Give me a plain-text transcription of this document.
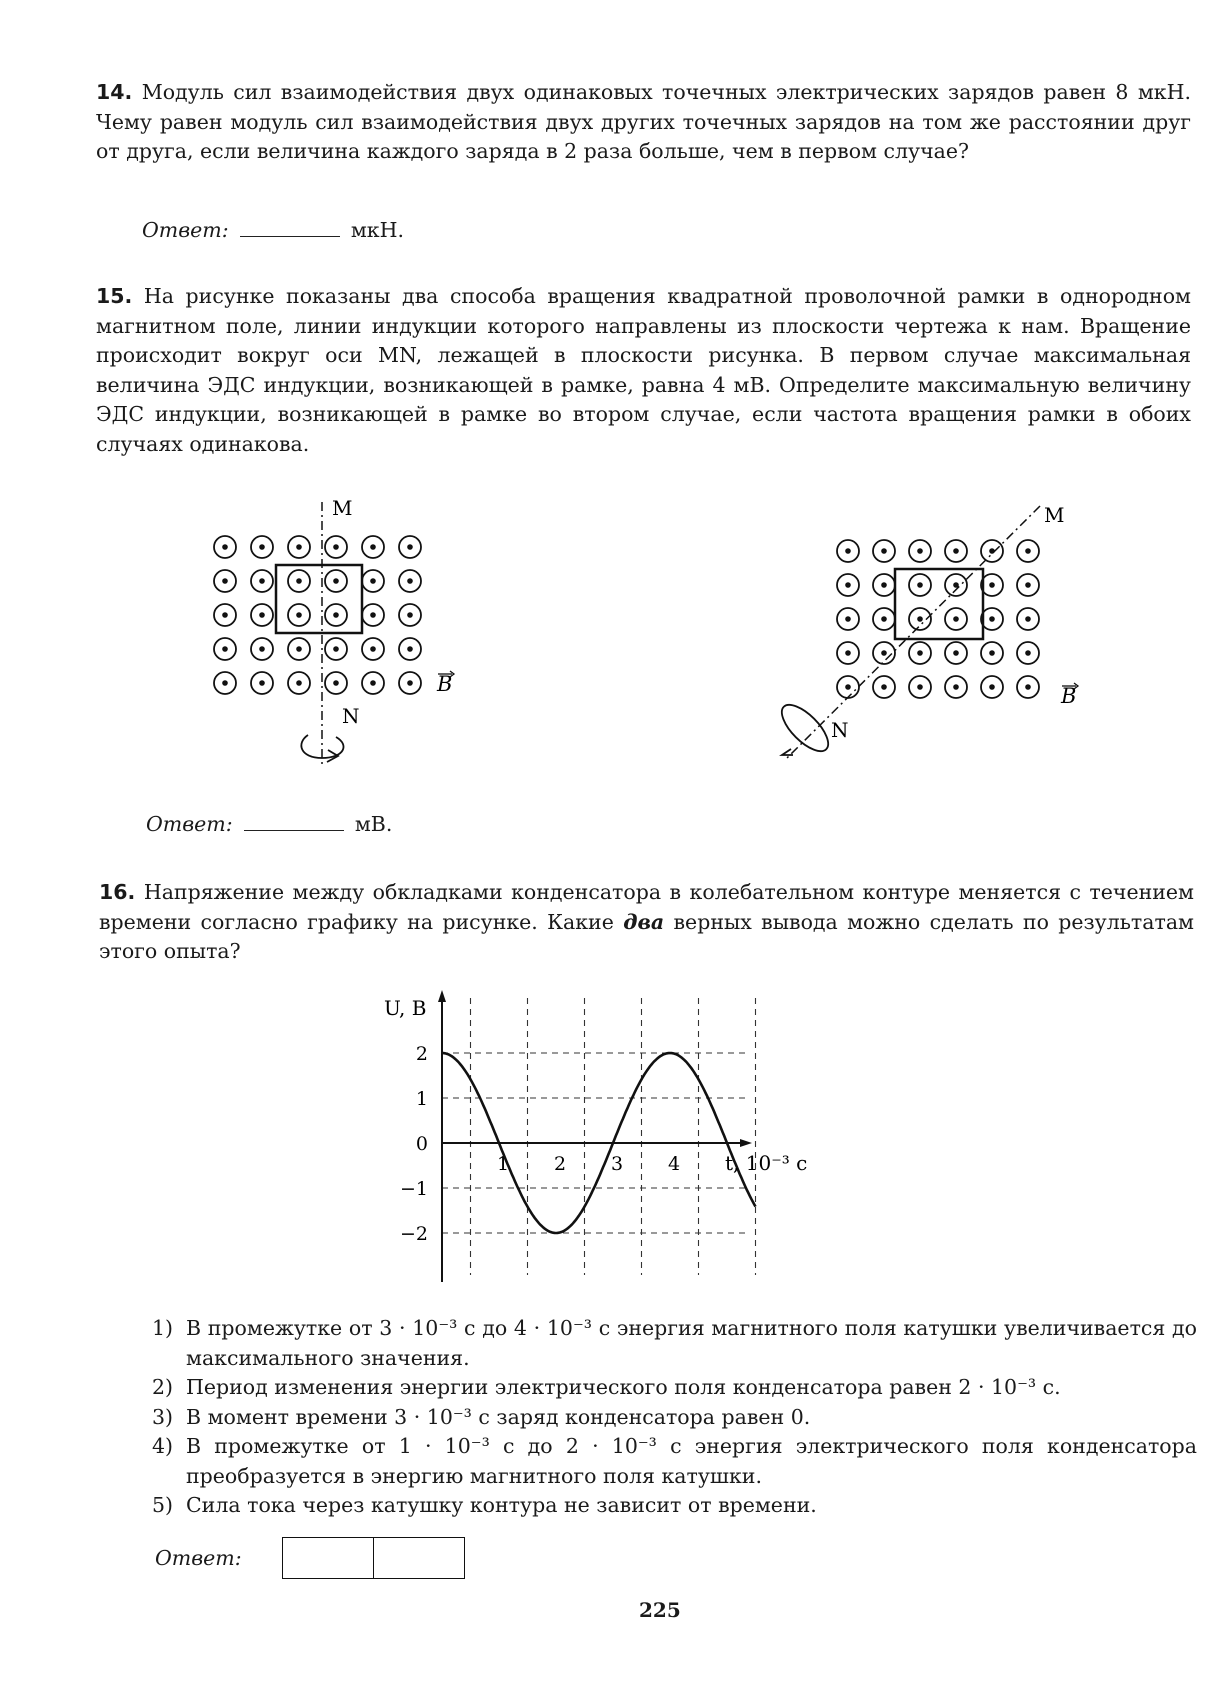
14. Модуль сил взаимодействия двух одинаковых точечных электрических зарядов равен 8 мкН. Чему равен модуль сил взаимодействия двух других точечных зарядов на том же расстоянии друг от друга, если величина каждого заряда в 2 раза больше, чем в первом случае?

Ответ:	мкН.

15. На рисунке показаны два способа вращения квадратной проволочной рамки в однородном магнитном поле, линии индукции которого направлены из плоскости чертежа к нам. Вращение происходит вокруг оси MN, лежащей в плоскости рисунка. В первом случае максимальная величина ЭДС индукции, возникающей в рамке, равна 4 мВ. Определите максимальную величину ЭДС индукции, возникающей в рамке во втором случае, если частота вращения рамки в обоих случаях одинакова.

M
N
B
M
N
B
Ответ:	мВ.

16. Напряжение между обкладками конденсатора в колебательном контуре меняется с течением времени согласно графику на рисунке. Какие два верных вывода можно сделать по результатам этого опыта?

2
1
0
−1
−2
1 2 3 4
U, В
t, 10⁻³ с
1) В промежутке от 3 · 10⁻³ с до 4 · 10⁻³ с энергия магнитного поля катушки увеличивается до максимального значения.
2) Период изменения энергии электрического поля конденсатора равен 2 · 10⁻³ с.
3) В момент времени 3 · 10⁻³ с заряд конденсатора равен 0.
4) В промежутке от 1 · 10⁻³ с до 2 · 10⁻³ с энергия электрического поля конденсатора преобразуется в энергию магнитного поля катушки.
5) Сила тока через катушку контура не зависит от времени.
Ответ:
225
